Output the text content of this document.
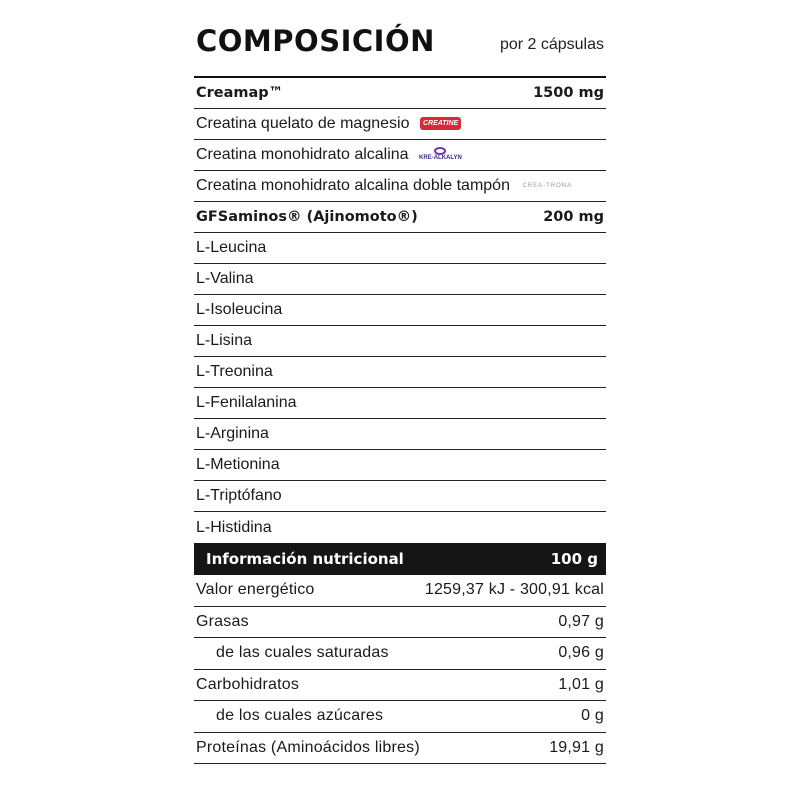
COMPOSICIÓN	por 2 cápsulas
Creamap™	1500 mg
Creatina quelato de magnesio CREATINE
Creatina monohidrato alcalina KRE-ALKALYN
Creatina monohidrato alcalina doble tampón CREA-TRONA
GFSaminos® (Ajinomoto®)	200 mg
L-Leucina
L-Valina
L-Isoleucina
L-Lisina
L-Treonina
L-Fenilalanina
L-Arginina
L-Metionina
L-Triptófano
L-Histidina
Información nutricional	100 g
Valor energético	1259,37 kJ - 300,91 kcal
Grasas	0,97 g
de las cuales saturadas	0,96 g
Carbohidratos	1,01 g
de los cuales azúcares	0 g
Proteínas (Aminoácidos libres)	19,91 g
